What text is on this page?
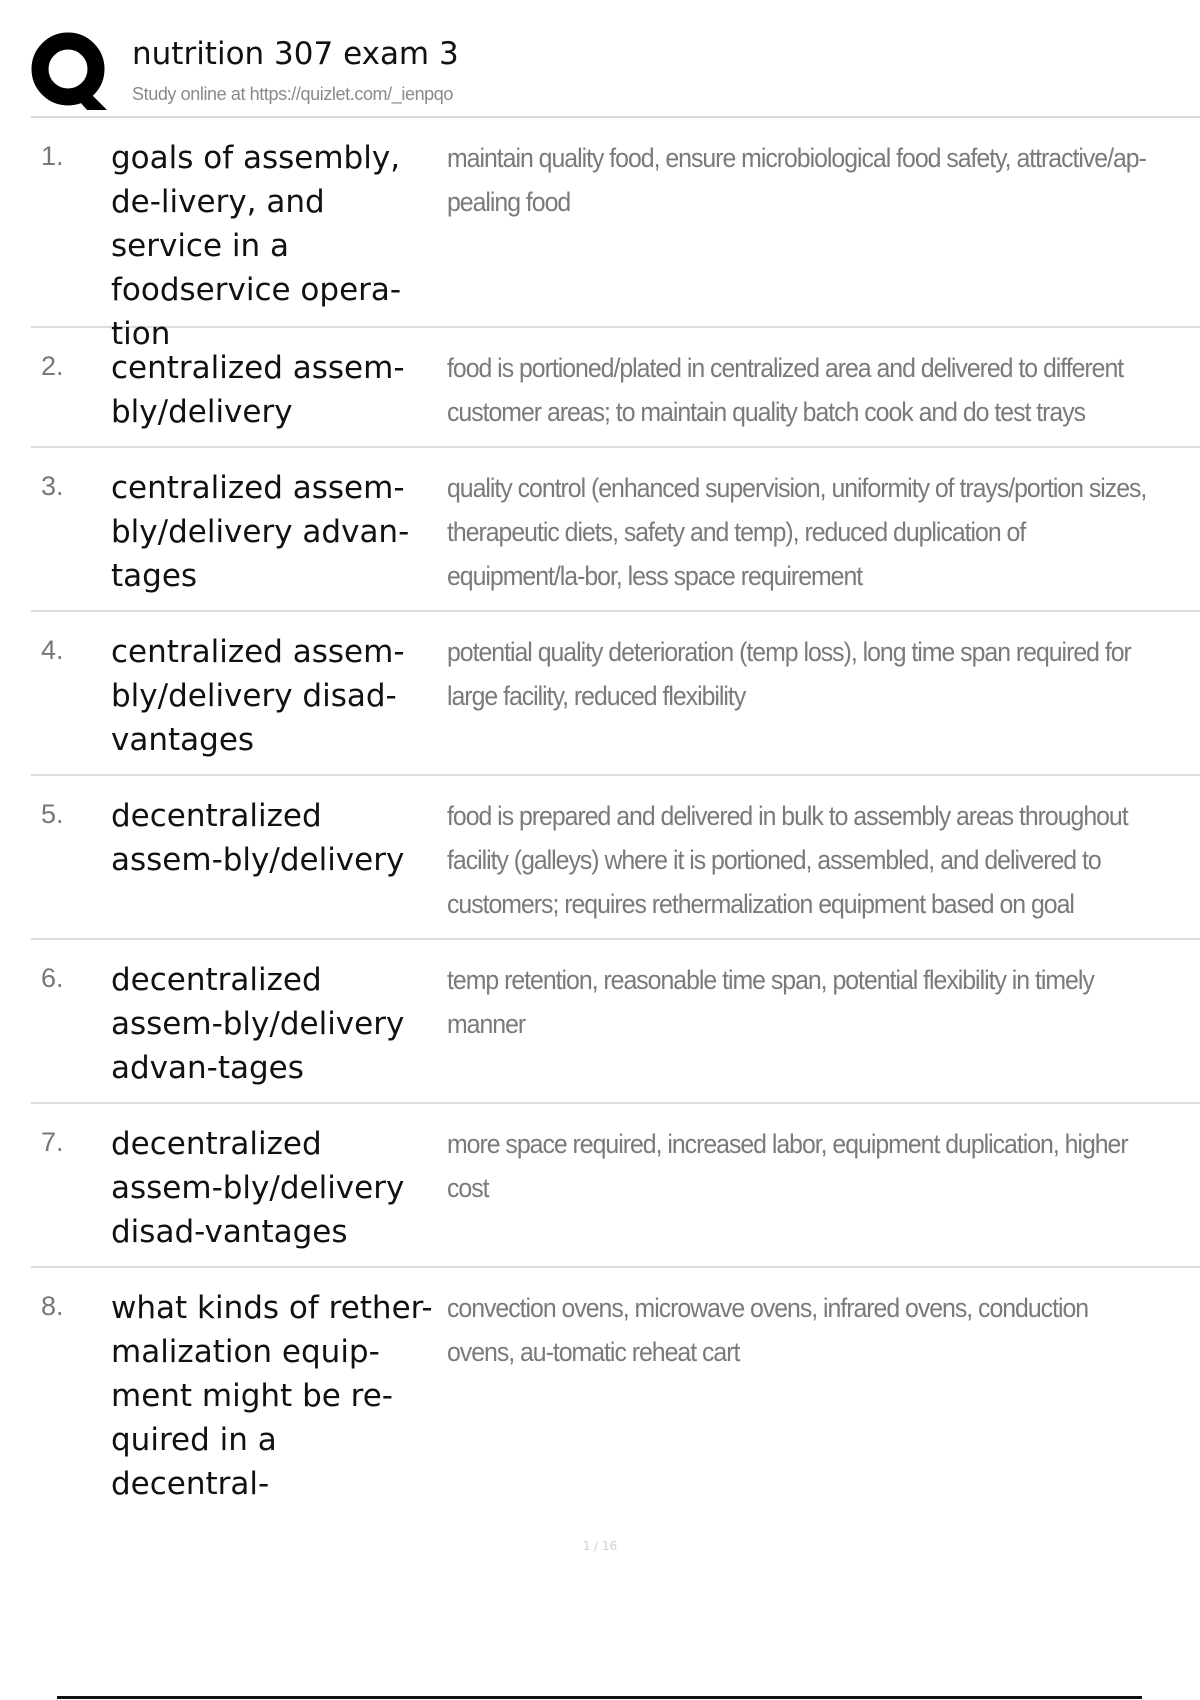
nutrition 307 exam 3
Study online at https://quizlet.com/_ienpqo
1. goals of assembly, de-livery, and service in a foodservice opera-tion
maintain quality food, ensure microbiological food safety, attractive/ap-pealing food
2. centralized assem-bly/delivery
food is portioned/plated in centralized area and delivered to different customer areas; to maintain quality batch cook and do test trays
3. centralized assem-bly/delivery advan-tages
quality control (enhanced supervision, uniformity of trays/portion sizes, therapeutic diets, safety and temp), reduced duplication of equipment/la-bor, less space requirement
4. centralized assem-bly/delivery disad-vantages
potential quality deterioration (temp loss), long time span required for large facility, reduced flexibility
5. decentralized assem-bly/delivery
food is prepared and delivered in bulk to assembly areas throughout facility (galleys) where it is portioned, assembled, and delivered to customers; requires rethermalization equipment based on goal
6. decentralized assem-bly/delivery advan-tages
temp retention, reasonable time span, potential flexibility in timely manner
7. decentralized assem-bly/delivery disad-vantages
more space required, increased labor, equipment duplication, higher cost
8. what kinds of rether-malization equip-ment might be re-quired in a decentral-
convection ovens, microwave ovens, infrared ovens, conduction ovens, au-tomatic reheat cart
1 / 16
